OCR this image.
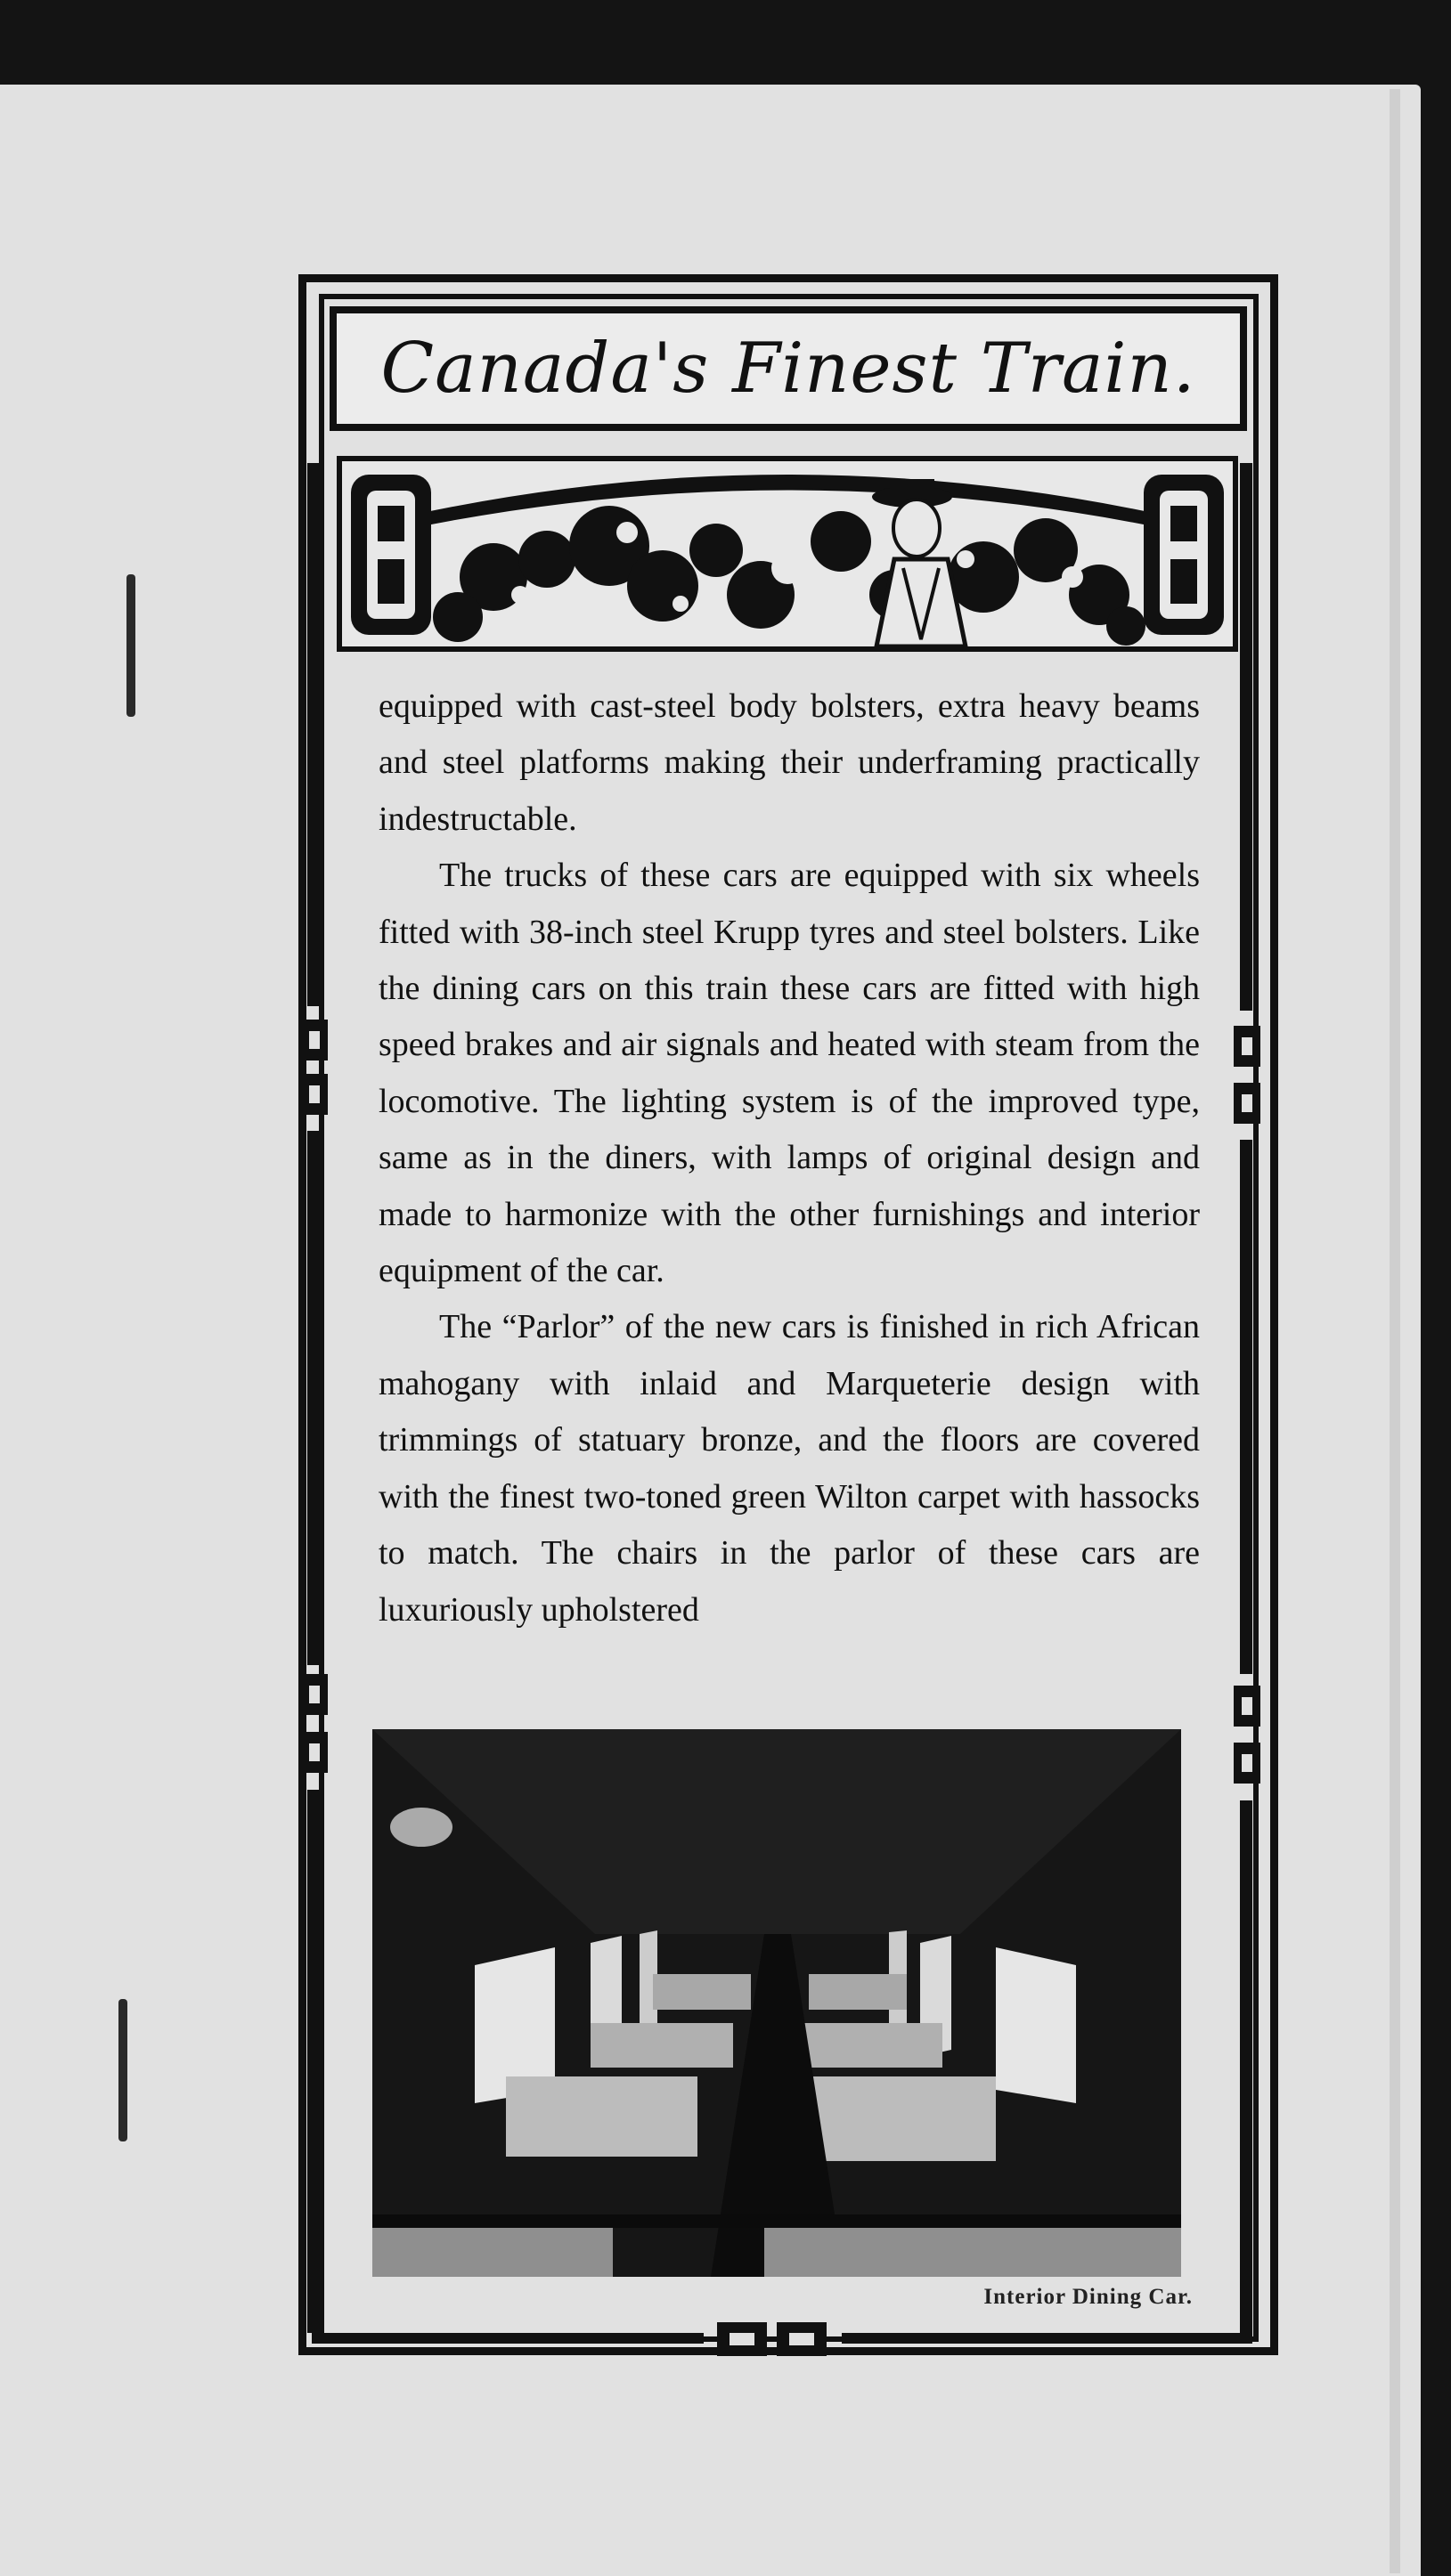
Canada's Finest Train.

equipped with cast-steel body bolsters, extra heavy beams and steel platforms making their underframing practically indestructable.

The trucks of these cars are equipped with six wheels fitted with 38-inch steel Krupp tyres and steel bolsters. Like the dining cars on this train these cars are fitted with high speed brakes and air signals and heated with steam from the locomotive. The lighting system is of the improved type, same as in the diners, with lamps of original design and made to harmonize with the other furnishings and interior equipment of the car.

The “Parlor” of the new cars is finished in rich African mahogany with inlaid and Marqueterie design with trimmings of statuary bronze, and the floors are covered with the finest two-toned green Wilton carpet with hassocks to match. The chairs in the parlor of these cars are luxuriously upholstered

Interior Dining Car.
